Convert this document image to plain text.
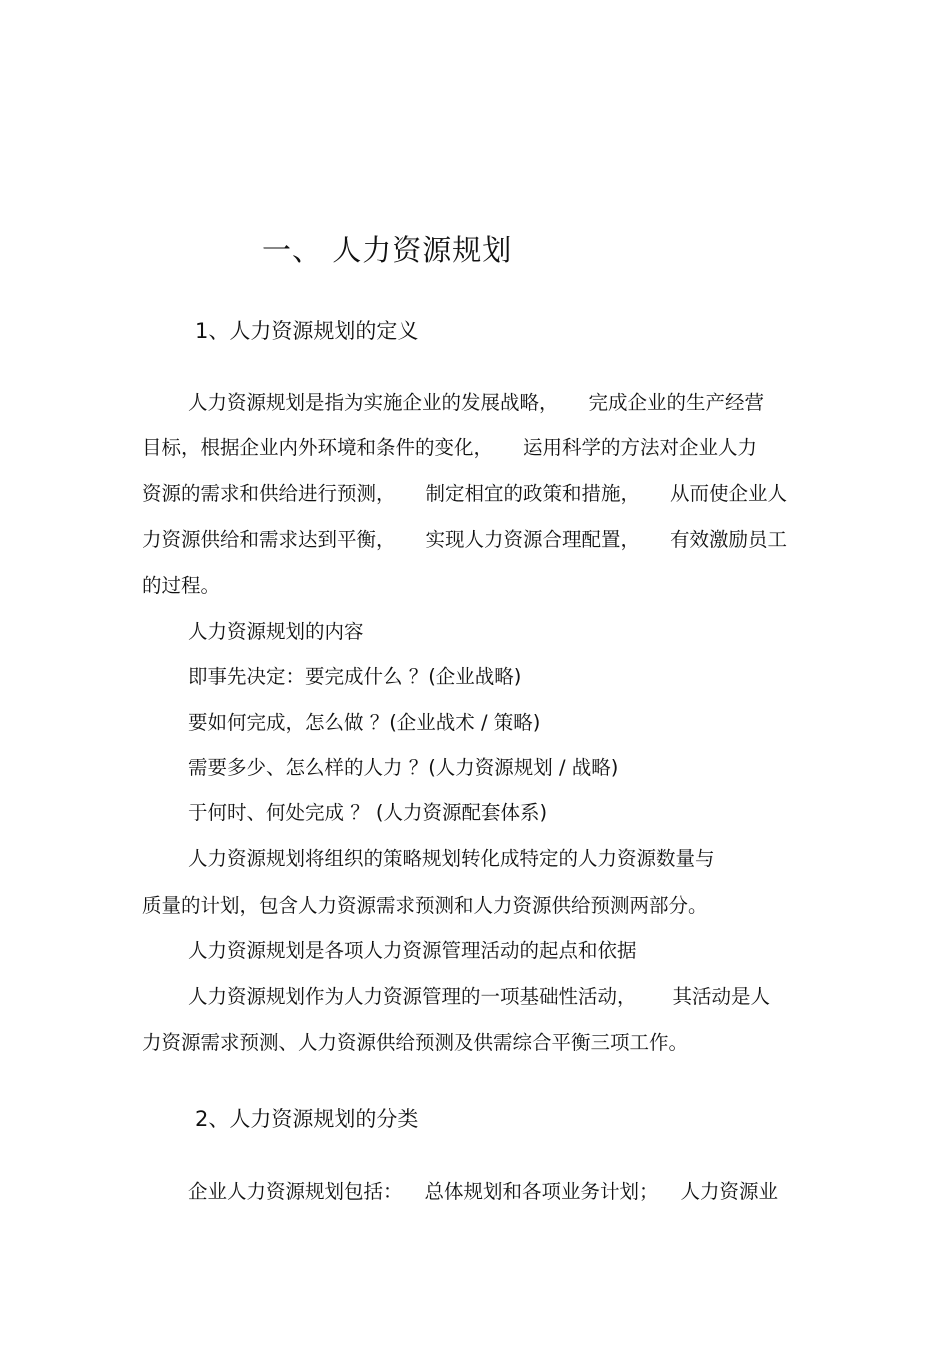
一、 人力资源规划
1、人力资源规划的定义
人力资源规划是指为实施企业的发展战略， 完成企业的生产经营
目标，根据企业内外环境和条件的变化， 运用科学的方法对企业人力
资源的需求和供给进行预测， 制定相宜的政策和措施， 从而使企业人
力资源供给和需求达到平衡， 实现人力资源合理配置， 有效激励员工
的过程。
人力资源规划的内容
即事先决定：要完成什么 ？(企业战略)
要如何完成，怎么做 ？(企业战术 / 策略)
需要多少、怎么样的人力 ？(人力资源规划 / 战略)
于何时、何处完成 ？ (人力资源配套体系)
人力资源规划将组织的策略规划转化成特定的人力资源数量与
质量的计划，包含人力资源需求预测和人力资源供给预测两部分。
人力资源规划是各项人力资源管理活动的起点和依据
人力资源规划作为人力资源管理的一项基础性活动， 其活动是人
力资源需求预测、人力资源供给预测及供需综合平衡三项工作。
2、人力资源规划的分类
企业人力资源规划包括： 总体规划和各项业务计划； 人力资源业
